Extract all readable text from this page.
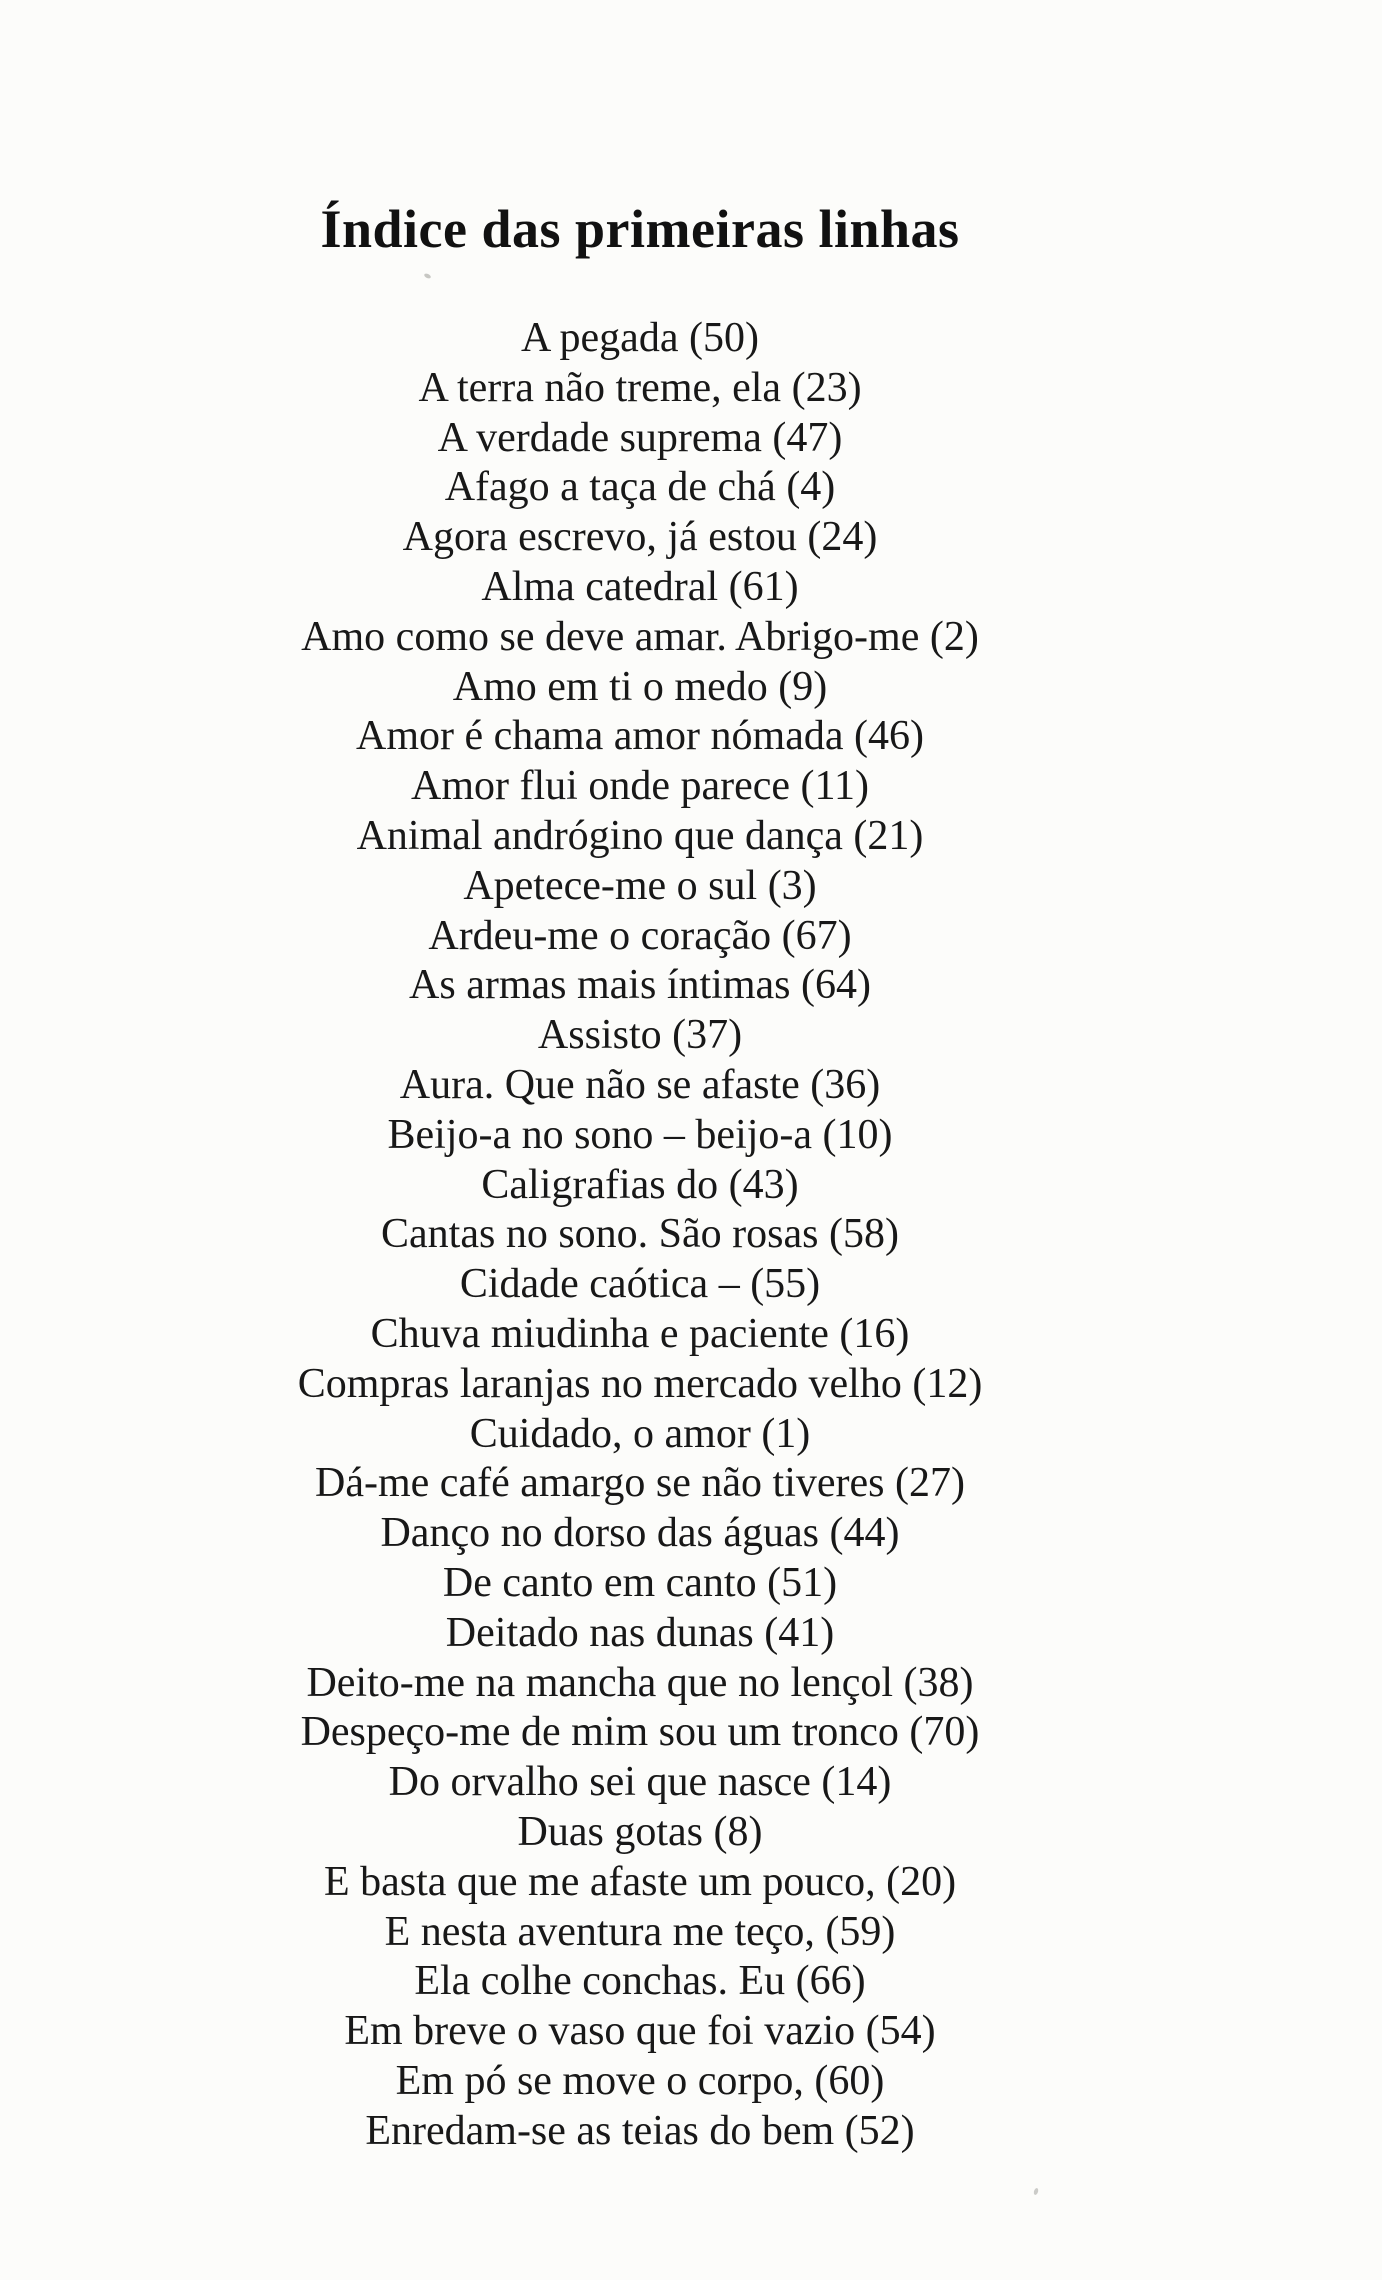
Índice das primeiras linhas
A pegada (50)
A terra não treme, ela (23)
A verdade suprema (47)
Afago a taça de chá (4)
Agora escrevo, já estou (24)
Alma catedral (61)
Amo como se deve amar. Abrigo-me (2)
Amo em ti o medo (9)
Amor é chama amor nómada (46)
Amor flui onde parece (11)
Animal andrógino que dança (21)
Apetece-me o sul (3)
Ardeu-me o coração (67)
As armas mais íntimas (64)
Assisto (37)
Aura. Que não se afaste (36)
Beijo-a no sono – beijo-a (10)
Caligrafias do (43)
Cantas no sono. São rosas (58)
Cidade caótica – (55)
Chuva miudinha e paciente (16)
Compras laranjas no mercado velho (12)
Cuidado, o amor (1)
Dá-me café amargo se não tiveres (27)
Danço no dorso das águas (44)
De canto em canto (51)
Deitado nas dunas (41)
Deito-me na mancha que no lençol (38)
Despeço-me de mim sou um tronco (70)
Do orvalho sei que nasce (14)
Duas gotas (8)
E basta que me afaste um pouco, (20)
E nesta aventura me teço, (59)
Ela colhe conchas. Eu (66)
Em breve o vaso que foi vazio (54)
Em pó se move o corpo, (60)
Enredam-se as teias do bem (52)
